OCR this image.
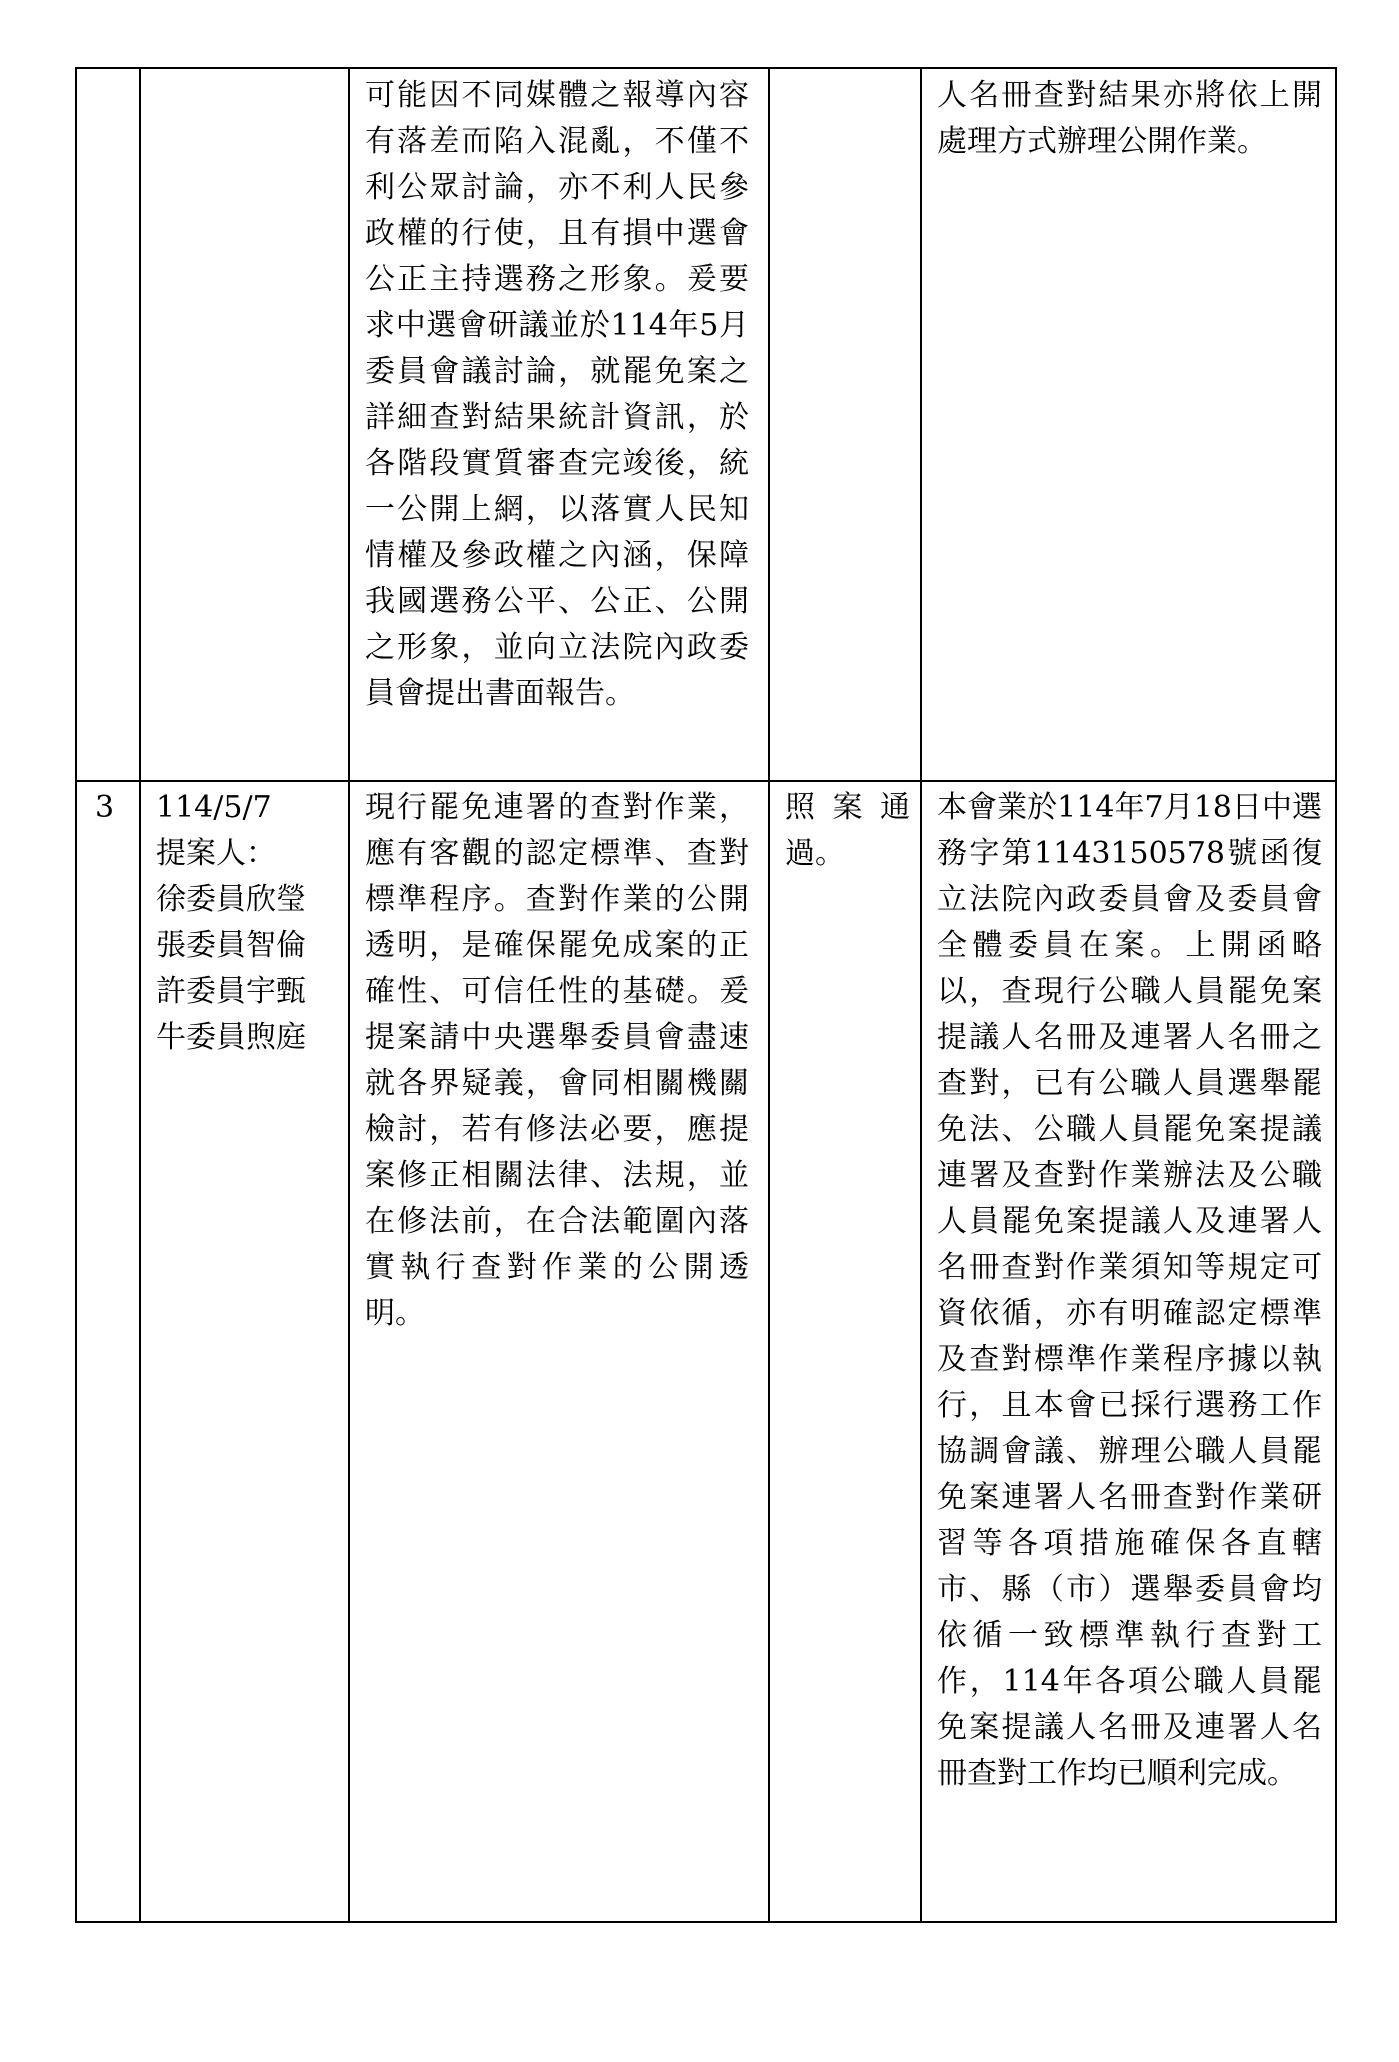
可能因不同媒體之報導內容有落差而陷入混亂，不僅不利公眾討論，亦不利人民參政權的行使，且有損中選會公正主持選務之形象。爰要求中選會研議並於114年5月委員會議討論，就罷免案之詳細查對結果統計資訊，於各階段實質審查完竣後，統一公開上網，以落實人民知情權及參政權之內涵，保障我國選務公平、公正、公開之形象，並向立法院內政委員會提出書面報告。

人名冊查對結果亦將依上開處理方式辦理公開作業。

3	114/5/7
提案人：
徐委員欣瑩
張委員智倫
許委員宇甄
牛委員煦庭

現行罷免連署的查對作業，應有客觀的認定標準、查對標準程序。查對作業的公開透明，是確保罷免成案的正確性、可信任性的基礎。爰提案請中央選舉委員會盡速就各界疑義，會同相關機關檢討，若有修法必要，應提案修正相關法律、法規，並在修法前，在合法範圍內落實執行查對作業的公開透明。

照案通過。

本會業於114年7月18日中選務字第1143150578號函復立法院內政委員會及委員會全體委員在案。上開函略以，查現行公職人員罷免案提議人名冊及連署人名冊之查對，已有公職人員選舉罷免法、公職人員罷免案提議連署及查對作業辦法及公職人員罷免案提議人及連署人名冊查對作業須知等規定可資依循，亦有明確認定標準及查對標準作業程序據以執行，且本會已採行選務工作協調會議、辦理公職人員罷免案連署人名冊查對作業研習等各項措施確保各直轄市、縣（市）選舉委員會均依循一致標準執行查對工作，114年各項公職人員罷免案提議人名冊及連署人名冊查對工作均已順利完成。
